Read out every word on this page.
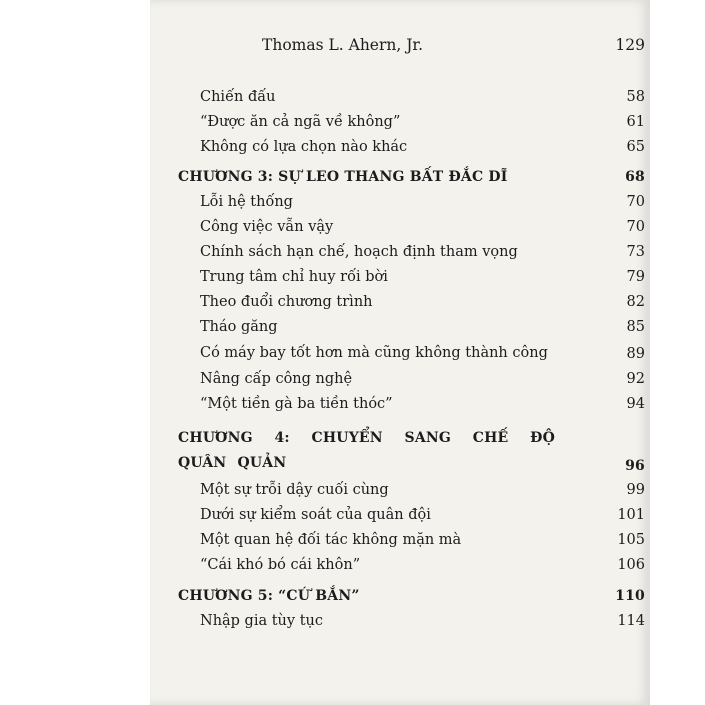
Thomas L. Ahern, Jr.	129
Chiến đấu	58
“Được ăn cả ngã về không”	61
Không có lựa chọn nào khác	65
CHƯƠNG 3: SỰ LEO THANG BẤT ĐẮC DĨ	68
Lỗi hệ thống	70
Công việc vẫn vậy	70
Chính sách hạn chế, hoạch định tham vọng	73
Trung tâm chỉ huy rối bời	79
Theo đuổi chương trình	82
Tháo găng	85
Có máy bay tốt hơn mà cũng không thành công	89
Nâng cấp công nghệ	92
“Một tiền gà ba tiền thóc”	94
CHƯƠNG 4: CHUYỂN SANG CHẾ ĐỘ QUÂN QUẢN	96
Một sự trỗi dậy cuối cùng	99
Dưới sự kiểm soát của quân đội	101
Một quan hệ đối tác không mặn mà	105
“Cái khó bó cái khôn”	106
CHƯƠNG 5: “CỨ BẮN”	110
Nhập gia tùy tục	114
